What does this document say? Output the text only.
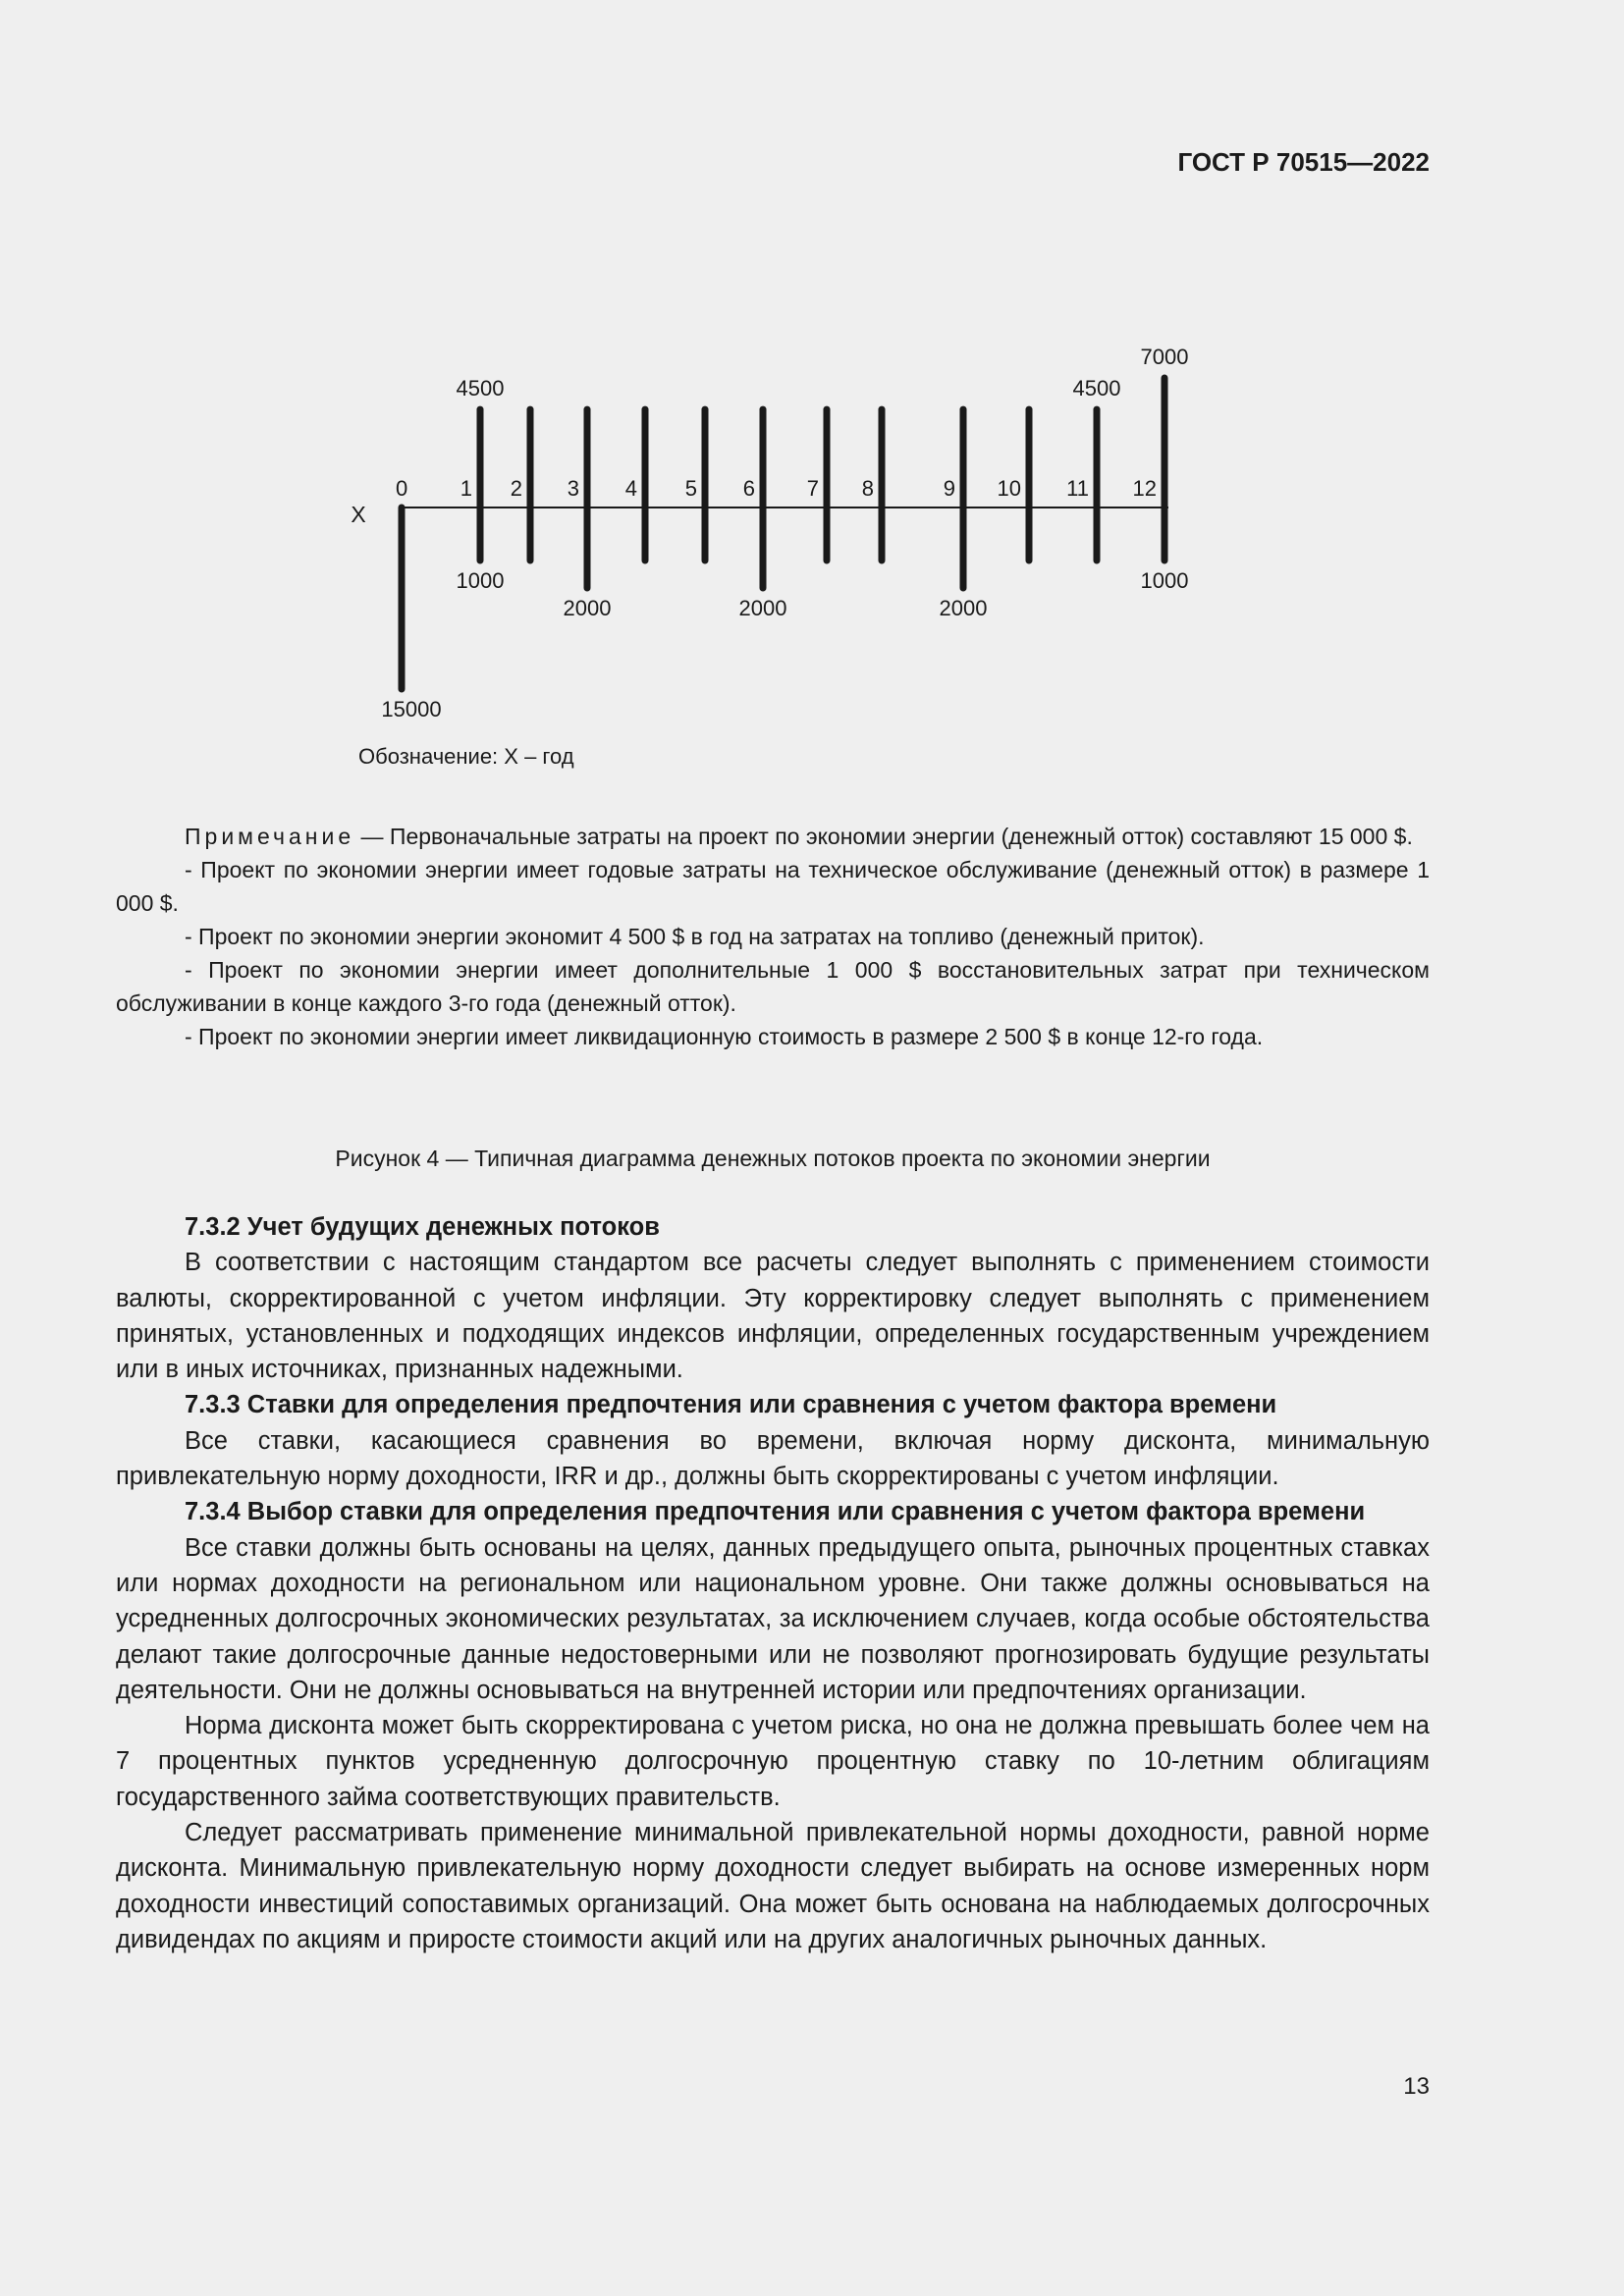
ГОСТ Р 70515—2022
X
0 1 2 3 4 5 6 7 8	9 10 11 12
4500	4500
7000
15000
1000
2000	2000	2000
1000
Обозначение: X – год

Примечание — Первоначальные затраты на проект по экономии энергии (денежный отток) составляют 15 000 $.

- Проект по экономии энергии имеет годовые затраты на техническое обслуживание (денежный отток) в размере 1 000 $.

- Проект по экономии энергии экономит 4 500 $ в год на затратах на топливо (денежный приток).

- Проект по экономии энергии имеет дополнительные 1 000 $ восстановительных затрат при техническом обслуживании в конце каждого 3-го года (денежный отток).

- Проект по экономии энергии имеет ликвидационную стоимость в размере 2 500 $ в конце 12-го года.

Рисунок 4 — Типичная диаграмма денежных потоков проекта по экономии энергии

7.3.2 Учет будущих денежных потоков

В соответствии с настоящим стандартом все расчеты следует выполнять с применением стоимости валюты, скорректированной с учетом инфляции. Эту корректировку следует выполнять с применением принятых, установленных и подходящих индексов инфляции, определенных государственным учреждением или в иных источниках, признанных надежными.

7.3.3 Ставки для определения предпочтения или сравнения с учетом фактора времени

Все ставки, касающиеся сравнения во времени, включая норму дисконта, минимальную привлекательную норму доходности, IRR и др., должны быть скорректированы с учетом инфляции.

7.3.4 Выбор ставки для определения предпочтения или сравнения с учетом фактора времени

Все ставки должны быть основаны на целях, данных предыдущего опыта, рыночных процентных ставках или нормах доходности на региональном или национальном уровне. Они также должны основываться на усредненных долгосрочных экономических результатах, за исключением случаев, когда особые обстоятельства делают такие долгосрочные данные недостоверными или не позволяют прогнозировать будущие результаты деятельности. Они не должны основываться на внутренней истории или предпочтениях организации.

Норма дисконта может быть скорректирована с учетом риска, но она не должна превышать более чем на 7 процентных пунктов усредненную долгосрочную процентную ставку по 10-летним облигациям государственного займа соответствующих правительств.

Следует рассматривать применение минимальной привлекательной нормы доходности, равной норме дисконта. Минимальную привлекательную норму доходности следует выбирать на основе измеренных норм доходности инвестиций сопоставимых организаций. Она может быть основана на наблюдаемых долгосрочных дивидендах по акциям и приросте стоимости акций или на других аналогичных рыночных данных.

13
